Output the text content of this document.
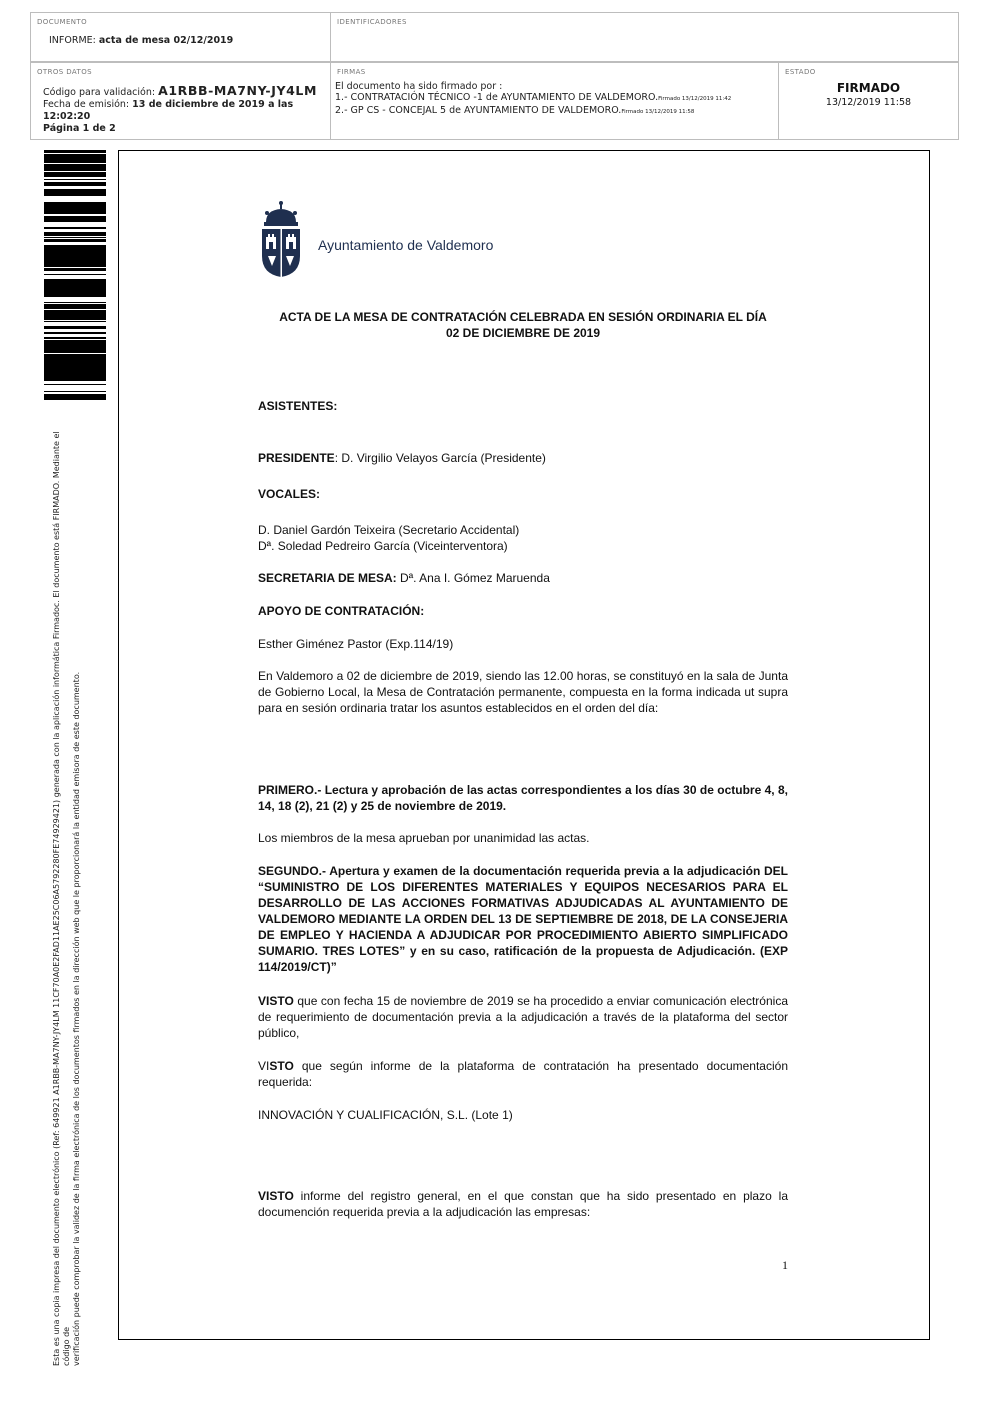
DOCUMENTO
INFORME: acta de mesa 02/12/2019
IDENTIFICADORES
OTROS DATOS
Código para validación: A1RBB-MA7NY-JY4LM
Fecha de emisión: 13 de diciembre de 2019 a las 12:02:20
Página 1 de 2
FIRMAS
El documento ha sido firmado por :
1.- CONTRATACIÓN TÉCNICO -1 de AYUNTAMIENTO DE VALDEMORO.Firmado 13/12/2019 11:42
2.- GP CS - CONCEJAL 5 de AYUNTAMIENTO DE VALDEMORO.Firmado 13/12/2019 11:58
ESTADO
FIRMADO
13/12/2019 11:58
Esta es una copia impresa del documento electrónico (Ref: 649921 A1RBB-MA7NY-JY4LM 11CF70A0E2FAD11AE25C06A5792280FE74929421) generada con la aplicación informática Firmadoc. El documento está FIRMADO. Mediante el código de verificación puede comprobar la validez de la firma electrónica de los documentos firmados en la dirección web que le proporcionará la entidad emisora de este documento.
Ayuntamiento de Valdemoro
ACTA DE LA MESA DE CONTRATACIÓN CELEBRADA EN SESIÓN ORDINARIA EL DÍA
02 DE DICIEMBRE DE 2019
ASISTENTES:
PRESIDENTE: D. Virgilio Velayos García (Presidente)
VOCALES:
D. Daniel Gardón Teixeira (Secretario Accidental)
Dª. Soledad Pedreiro García (Viceinterventora)
SECRETARIA DE MESA: Dª. Ana I. Gómez Maruenda
APOYO DE CONTRATACIÓN:
Esther Giménez Pastor (Exp.114/19)
En Valdemoro a 02 de diciembre de 2019, siendo las 12.00 horas, se constituyó en la sala de Junta de Gobierno Local, la Mesa de Contratación permanente, compuesta en la forma indicada ut supra para en sesión ordinaria tratar los asuntos establecidos en el orden del día:
PRIMERO.- Lectura y aprobación de las actas correspondientes a los días 30 de octubre 4, 8, 14, 18 (2), 21 (2) y 25 de noviembre de 2019.
Los miembros de la mesa aprueban por unanimidad las actas.
SEGUNDO.- Apertura y examen de la documentación requerida previa a la adjudicación DEL “SUMINISTRO DE LOS DIFERENTES MATERIALES Y EQUIPOS NECESARIOS PARA EL DESARROLLO DE LAS ACCIONES FORMATIVAS ADJUDICADAS AL AYUNTAMIENTO DE VALDEMORO MEDIANTE LA ORDEN DEL 13 DE SEPTIEMBRE DE 2018, DE LA CONSEJERIA DE EMPLEO Y HACIENDA A ADJUDICAR POR PROCEDIMIENTO ABIERTO SIMPLIFICADO SUMARIO. TRES LOTES” y en su caso, ratificación de la propuesta de Adjudicación. (EXP 114/2019/CT)”
VISTO que con fecha 15 de noviembre de 2019 se ha procedido a enviar comunicación electrónica de requerimiento de documentación previa a la adjudicación a través de la plataforma del sector público,
VISTO que según informe de la plataforma de contratación ha presentado documentación requerida:
INNOVACIÓN Y CUALIFICACIÓN, S.L. (Lote 1)
VISTO informe del registro general, en el que constan que ha sido presentado en plazo la documención requerida previa a la adjudicación las empresas:
1
